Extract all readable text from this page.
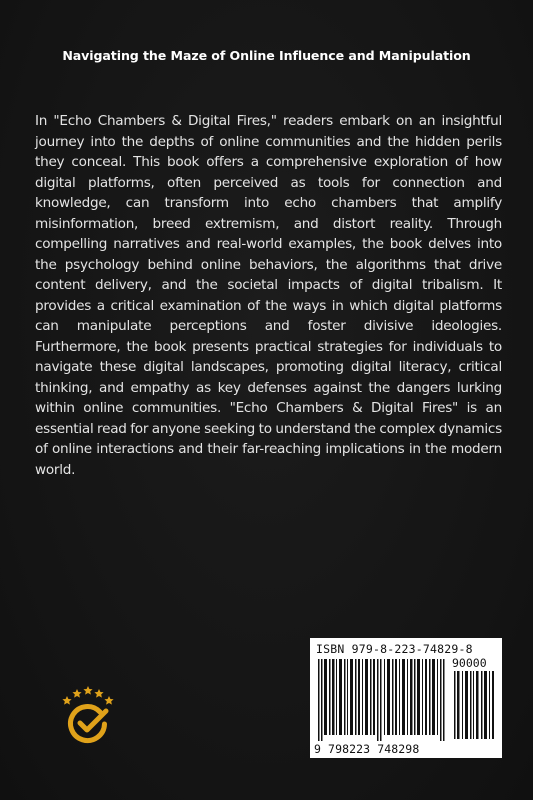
Navigating the Maze of Online Influence and Manipulation
In "Echo Chambers & Digital Fires," readers embark on an insightful journey into the depths of online communities and the hidden perils they conceal. This book offers a comprehensive exploration of how digital platforms, often perceived as tools for connection and knowledge, can transform into echo chambers that amplify misinformation, breed extremism, and distort reality. Through compelling narratives and real-world examples, the book delves into the psychology behind online behaviors, the algorithms that drive content delivery, and the societal impacts of digital tribalism. It provides a critical examination of the ways in which digital platforms can manipulate perceptions and foster divisive ideologies. Furthermore, the book presents practical strategies for individuals to navigate these digital landscapes, promoting digital literacy, critical thinking, and empathy as key defenses against the dangers lurking within online communities. "Echo Chambers & Digital Fires" is an essential read for anyone seeking to understand the complex dynamics of online interactions and their far-reaching implications in the modern world.
ISBN 979-8-223-74829-8
90000
9 798223 748298
